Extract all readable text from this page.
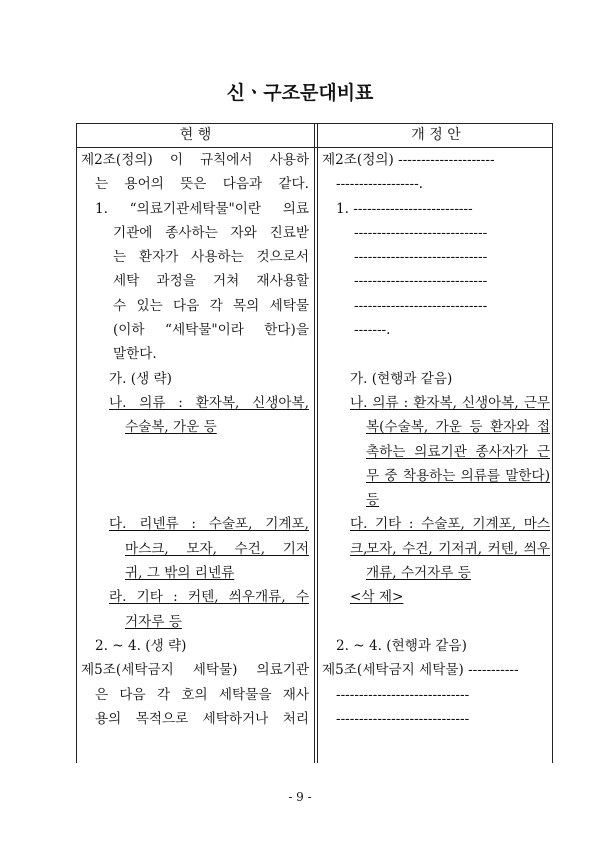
신ㆍ구조문대비표
현 행	개 정 안
제2조(정의) 이 규칙에서 사용하
는 용어의 뜻은 다음과 같다.
1. “의료기관세탁물"이란 의료
기관에 종사하는 자와 진료받
는 환자가 사용하는 것으로서
세탁 과정을 거쳐 재사용할
수 있는 다음 각 목의 세탁물
(이하 “세탁물"이라 한다)을
말한다.
가. (생 략)
나. 의류 : 환자복, 신생아복,
수술복, 가운 등

다. 리넨류 : 수술포, 기계포,
마스크, 모자, 수건, 기저
귀, 그 밖의 리넨류
라. 기타 : 커텐, 씌우개류, 수
거자루 등
2. ~ 4. (생 략)
제5조(세탁금지 세탁물) 의료기관
은 다음 각 호의 세탁물을 재사
용의 목적으로 세탁하거나 처리
제2조(정의) ---------------------
------------------.
1. --------------------------
-----------------------------
-----------------------------
-----------------------------
-----------------------------
-------.

가. (현행과 같음)
나. 의류 : 환자복, 신생아복, 근무
복(수술복, 가운 등 환자와 접
촉하는 의료기관 종사자가 근
무 중 착용하는 의류를 말한다)
등
다. 기타 : 수술포, 기계포, 마스크,
모자, 수건, 기저귀, 커텐, 씌우
개류, 수거자루 등
<삭 제>

2. ~ 4. (현행과 같음)
제5조(세탁금지 세탁물) -----------
-----------------------------
-----------------------------
- 9 -
